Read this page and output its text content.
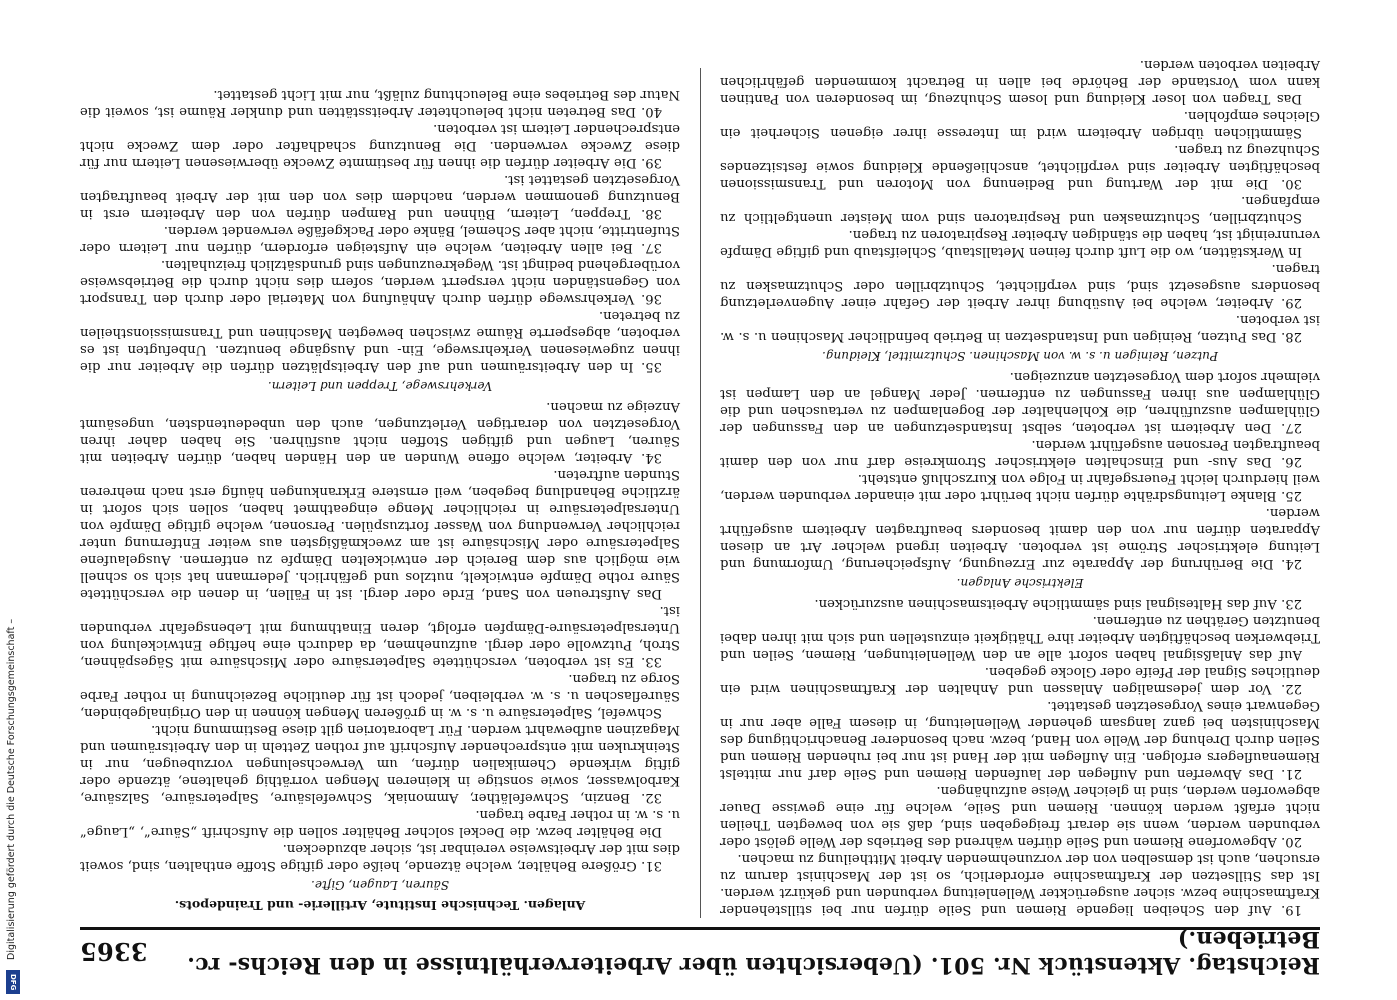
Reichstag. Aktenstück Nr. 501. (Uebersichten über Arbeiterverhältnisse in den Reichs- rc. Betrieben.)
3365

19. Auf den Scheiben liegende Riemen und Seile dürfen nur bei stillstehender Kraftmaschine bezw. sicher ausgerückter Wellenleitung verbunden und gekürzt werden. Ist das Stillsetzen der Kraftmaschine erforderlich, so ist der Maschinist darum zu ersuchen, auch ist demselben von der vorzunehmenden Arbeit Mittheilung zu machen.

20. Abgeworfene Riemen und Seile dürfen während des Betriebs der Welle gelöst oder verbunden werden, wenn sie derart freigegeben sind, daß sie von bewegten Theilen nicht erfaßt werden können. Riemen und Seile, welche für eine gewisse Dauer abgeworfen werden, sind in gleicher Weise aufzuhängen.

21. Das Abwerfen und Auflegen der laufenden Riemen und Seile darf nur mittelst Riemenauflegers erfolgen. Ein Auflegen mit der Hand ist nur bei ruhenden Riemen und Seilen durch Drehung der Welle von Hand, bezw. nach besonderer Benachrichtigung des Maschinisten bei ganz langsam gehender Wellenleitung, in diesem Falle aber nur in Gegenwart eines Vorgesetzten gestattet.

22. Vor dem jedesmaligen Anlassen und Anhalten der Kraftmaschinen wird ein deutliches Signal der Pfeife oder Glocke gegeben.

Auf das Anlaßsignal haben sofort alle an den Wellenleitungen, Riemen, Seilen und Triebwerken beschäftigten Arbeiter ihre Thätigkeit einzustellen und sich mit ihren dabei benutzten Geräthen zu entfernen.

23. Auf das Haltesignal sind sämmtliche Arbeitsmaschinen auszurücken.

Elektrische Anlagen.

24. Die Berührung der Apparate zur Erzeugung, Aufspeicherung, Umformung und Leitung elektrischer Ströme ist verboten. Arbeiten irgend welcher Art an diesen Apparaten dürfen nur von den damit besonders beauftragten Arbeitern ausgeführt werden.

25. Blanke Leitungsdrähte dürfen nicht berührt oder mit einander verbunden werden, weil hierdurch leicht Feuersgefahr in Folge von Kurzschluß entsteht.

26. Das Aus- und Einschalten elektrischer Stromkreise darf nur von den damit beauftragten Personen ausgeführt werden.

27. Den Arbeitern ist verboten, selbst Instandsetzungen an den Fassungen der Glühlampen auszuführen, die Kohlenhalter der Bogenlampen zu vertauschen und die Glühlampen aus ihren Fassungen zu entfernen. Jeder Mangel an den Lampen ist vielmehr sofort dem Vorgesetzten anzuzeigen.

Putzen, Reinigen u. s. w. von Maschinen. Schutzmittel, Kleidung.

28. Das Putzen, Reinigen und Instandsetzen in Betrieb befindlicher Maschinen u. s. w. ist verboten.

29. Arbeiter, welche bei Ausübung ihrer Arbeit der Gefahr einer Augenverletzung besonders ausgesetzt sind, sind verpflichtet, Schutzbrillen oder Schutzmasken zu tragen.

In Werkstätten, wo die Luft durch feinen Metallstaub, Schleifstaub und giftige Dämpfe verunreinigt ist, haben die ständigen Arbeiter Respiratoren zu tragen.

Schutzbrillen, Schutzmasken und Respiratoren sind vom Meister unentgeltlich zu empfangen.

30. Die mit der Wartung und Bedienung von Motoren und Transmissionen beschäftigten Arbeiter sind verpflichtet, anschließende Kleidung sowie festsitzendes Schuhzeug zu tragen.

Sämmtlichen übrigen Arbeitern wird im Interesse ihrer eigenen Sicherheit ein Gleiches empfohlen.

Das Tragen von loser Kleidung und losem Schuhzeug, im besonderen von Pantinen kann vom Vorstande der Behörde bei allen in Betracht kommenden gefährlichen Arbeiten verboten werden.

Anlagen. Technische Institute, Artillerie- und Traindepots.

Säuren, Laugen, Gifte.

31. Größere Behälter, welche ätzende, heiße oder giftige Stoffe enthalten, sind, soweit dies mit der Arbeitsweise vereinbar ist, sicher abzudecken.

Die Behälter bezw. die Deckel solcher Behälter sollen die Aufschrift „Säure“, „Lauge“ u. s. w. in rother Farbe tragen.

32. Benzin, Schwefeläther, Ammoniak, Schwefelsäure, Salpetersäure, Salzsäure, Karbolwasser, sowie sonstige in kleineren Mengen vorräthig gehaltene, ätzende oder giftig wirkende Chemikalien dürfen, um Verwechselungen vorzubeugen, nur in Steinkruken mit entsprechender Aufschrift auf rothen Zetteln in den Arbeitsräumen und Magazinen aufbewahrt werden. Für Laboratorien gilt diese Bestimmung nicht.

Schwefel, Salpetersäure u. s. w. in größeren Mengen können in den Originalgebinden, Säureflaschen u. s. w. verbleiben, jedoch ist für deutliche Bezeichnung in rother Farbe Sorge zu tragen.

33. Es ist verboten, verschüttete Salpetersäure oder Mischsäure mit Sägespähnen, Stroh, Putzwolle oder dergl. aufzunehmen, da dadurch eine heftige Entwickelung von Untersalpetersäure-Dämpfen erfolgt, deren Einathmung mit Lebensgefahr verbunden ist.

Das Aufstreuen von Sand, Erde oder dergl. ist in Fällen, in denen die verschüttete Säure rothe Dämpfe entwickelt, nutzlos und gefährlich. Jedermann hat sich so schnell wie möglich aus dem Bereich der entwickelten Dämpfe zu entfernen. Ausgelaufene Salpetersäure oder Mischsäure ist am zweckmäßigsten aus weiter Entfernung unter reichlicher Verwendung von Wasser fortzuspülen. Personen, welche giftige Dämpfe von Untersalpetersäure in reichlicher Menge eingeathmet haben, sollen sich sofort in ärztliche Behandlung begeben, weil ernstere Erkrankungen häufig erst nach mehreren Stunden auftreten.

34. Arbeiter, welche offene Wunden an den Händen haben, dürfen Arbeiten mit Säuren, Laugen und giftigen Stoffen nicht ausführen. Sie haben daher ihren Vorgesetzten von derartigen Verletzungen, auch den unbedeutendsten, ungesäumt Anzeige zu machen.

Verkehrswege, Treppen und Leitern.

35. In den Arbeitsräumen und auf den Arbeitsplätzen dürfen die Arbeiter nur die ihnen zugewiesenen Verkehrswege, Ein- und Ausgänge benutzen. Unbefugten ist es verboten, abgesperrte Räume zwischen bewegten Maschinen und Transmissionstheilen zu betreten.

36. Verkehrswege dürfen durch Anhäufung von Material oder durch den Transport von Gegenständen nicht versperrt werden, sofern dies nicht durch die Betriebsweise vorübergehend bedingt ist. Wegekreuzungen sind grundsätzlich freizuhalten.

37. Bei allen Arbeiten, welche ein Aufsteigen erfordern, dürfen nur Leitern oder Stufentritte, nicht aber Schemel, Bänke oder Packgefäße verwendet werden.

38. Treppen, Leitern, Bühnen und Rampen dürfen von den Arbeitern erst in Benutzung genommen werden, nachdem dies von den mit der Arbeit beauftragten Vorgesetzten gestattet ist.

39. Die Arbeiter dürfen die ihnen für bestimmte Zwecke überwiesenen Leitern nur für diese Zwecke verwenden. Die Benutzung schadhafter oder dem Zwecke nicht entsprechender Leitern ist verboten.

40. Das Betreten nicht beleuchteter Arbeitsstätten und dunkler Räume ist, soweit die Natur des Betriebes eine Beleuchtung zuläßt, nur mit Licht gestattet.

Digitalisierung gefördert durch die Deutsche Forschungsgemeinschaft –
DFG
